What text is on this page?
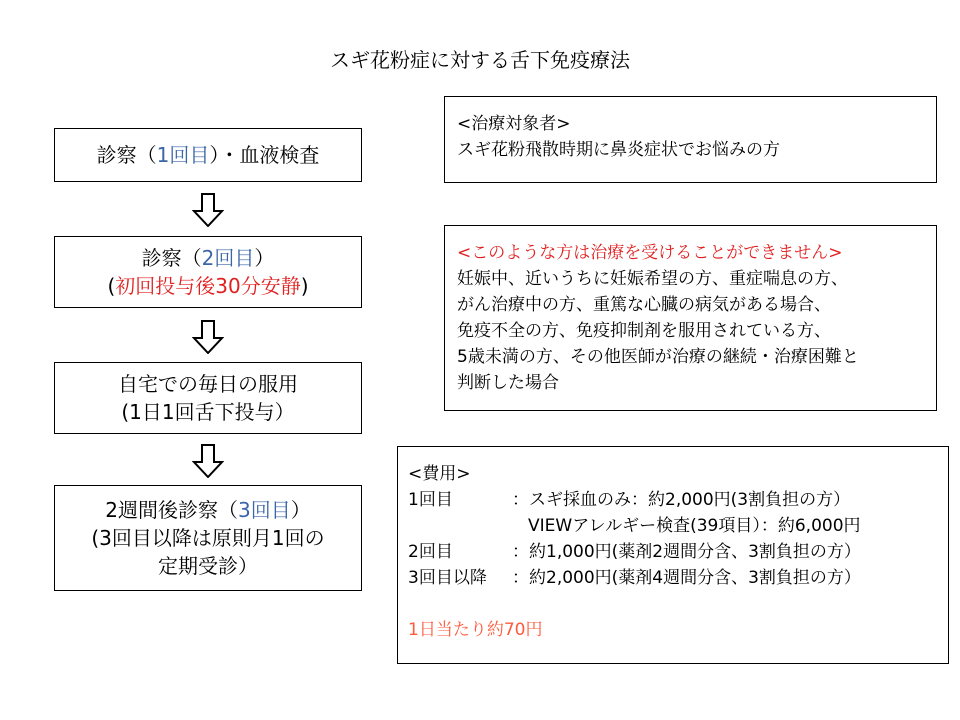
スギ花粉症に対する舌下免疫療法
診察（1回目）・血液検査
診察（2回目）
(初回投与後30分安静)
自宅での毎日の服用
(1日1回舌下投与）
2週間後診察（3回目）
(3回目以降は原則月1回の
定期受診）
<治療対象者>
スギ花粉飛散時期に鼻炎症状でお悩みの方
<このような方は治療を受けることができません>
妊娠中、近いうちに妊娠希望の方、重症喘息の方、
がん治療中の方、重篤な心臓の病気がある場合、
免疫不全の方、免疫抑制剤を服用されている方、
5歳未満の方、その他医師が治療の継続・治療困難と
判断した場合
<費用>
1回目	：スギ採血のみ：約2,000円(3割負担の方）
VIEWアレルギー検査(39項目）：約6,000円
2回目	：約1,000円(薬剤2週間分含、3割負担の方）
3回目以降	：約2,000円(薬剤4週間分含、3割負担の方）
1日当たり約70円
